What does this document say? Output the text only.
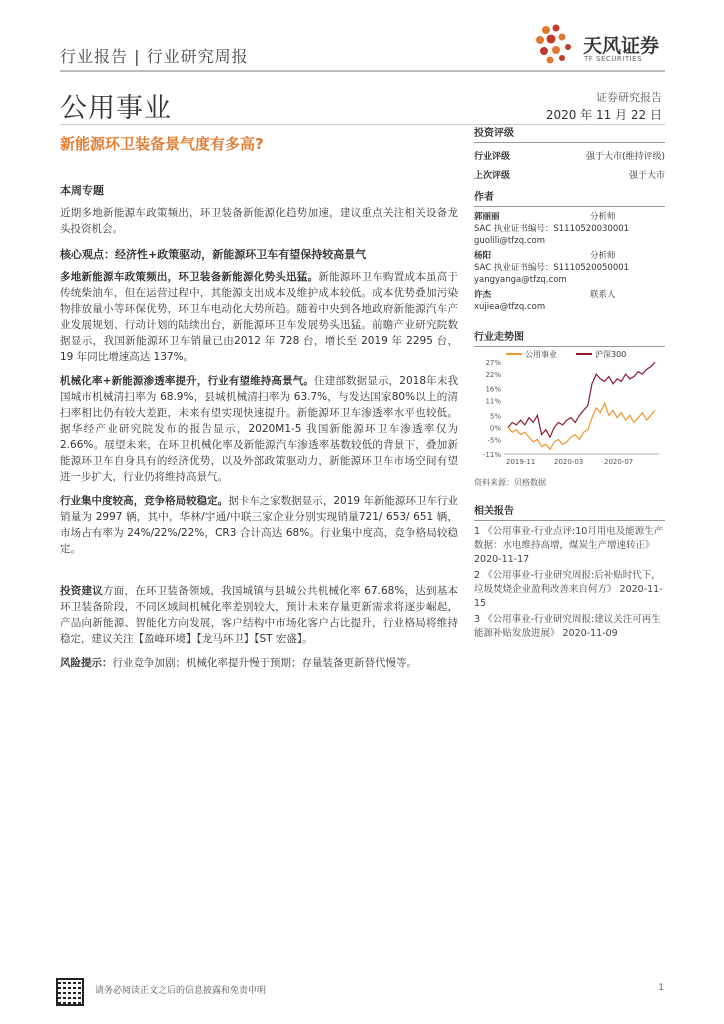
行业报告 | 行业研究周报
公用事业
新能源环卫装备景气度有多高?
天风证券
TF SECURITIES
证券研究报告
2020 年 11 月 22 日
投资评级
行业评级	强于大市(维持评级)
上次评级	强于大市
作者
郭丽丽	分析师
SAC 执业证书编号：S1110520030001
guolili@tfzq.com
杨阳	分析师
SAC 执业证书编号：S1110520050001
yangyanga@tfzq.com
许杰	联系人
xujiea@tfzq.com
行业走势图
公用事业	沪深300
27%
22%
16%
11%
5%
0%
-5%
-11%
2019-11	2020-03	2020-07
资料来源：贝格数据
相关报告
1 《公用事业-行业点评:10月用电及能源生产数据：水电维持高增，煤炭生产增速转正》 2020-11-17
2 《公用事业-行业研究周报:后补贴时代下，垃圾焚烧企业盈利改善来自何方》 2020-11-15
3 《公用事业-行业研究周报:建议关注可再生能源补贴发放进展》 2020-11-09
本周专题
近期多地新能源车政策频出，环卫装备新能源化趋势加速，建议重点关注相关设备龙头投资机会。
核心观点：经济性+政策驱动，新能源环卫车有望保持较高景气
多地新能源车政策频出，环卫装备新能源化势头迅猛。新能源环卫车购置成本虽高于传统柴油车，但在运营过程中，其能源支出成本及维护成本较低。成本优势叠加污染物排放量小等环保优势，环卫车电动化大势所趋。随着中央到各地政府新能源汽车产业发展规划、行动计划的陆续出台，新能源环卫车发展势头迅猛。前瞻产业研究院数据显示，我国新能源环卫车销量已由2012 年 728 台，增长至 2019 年 2295 台，19 年同比增速高达 137%。
机械化率+新能源渗透率提升，行业有望维持高景气。住建部数据显示，2018年末我国城市机械清扫率为 68.9%，县城机械清扫率为 63.7%，与发达国家80%以上的清扫率相比仍有较大差距，未来有望实现快速提升。新能源环卫车渗透率水平也较低。据华经产业研究院发布的报告显示，2020M1-5 我国新能源环卫车渗透率仅为 2.66%。展望未来，在环卫机械化率及新能源汽车渗透率基数较低的背景下，叠加新能源环卫车自身具有的经济优势，以及外部政策驱动力，新能源环卫车市场空间有望进一步扩大，行业仍将维持高景气。
行业集中度较高，竞争格局较稳定。据卡车之家数据显示，2019 年新能源环卫车行业销量为 2997 辆，其中，华林/宇通/中联三家企业分别实现销量721/ 653/ 651 辆，市场占有率为 24%/22%/22%，CR3 合计高达 68%。行业集中度高，竞争格局较稳定。
投资建议方面，在环卫装备领域，我国城镇与县城公共机械化率 67.68%，达到基本环卫装备阶段，不同区域间机械化率差别较大，预计未来存量更新需求将逐步崛起，产品向新能源、智能化方向发展，客户结构中市场化客户占比提升，行业格局将维持稳定，建议关注【盈峰环境】【龙马环卫】【ST 宏盛】。
风险提示：行业竞争加剧；机械化率提升慢于预期；存量装备更新替代慢等。
请务必阅读正文之后的信息披露和免责申明	1
